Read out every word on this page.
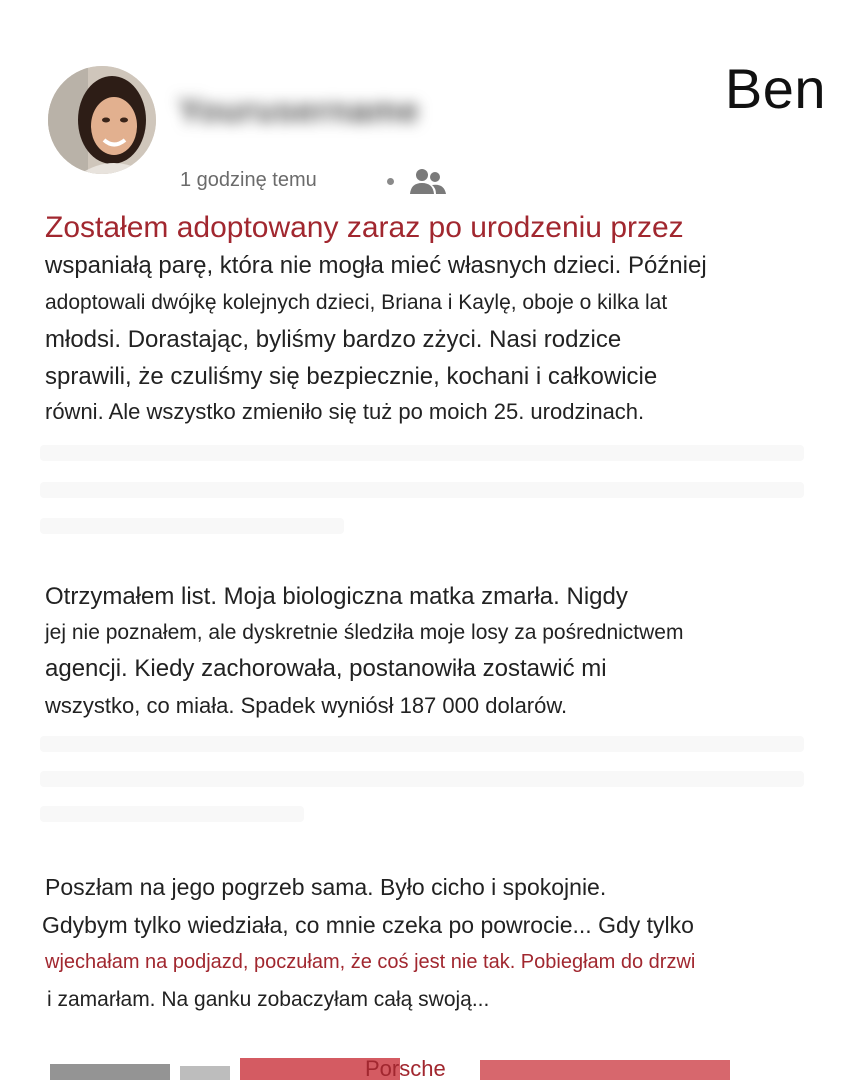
Yourusername	Ben
1 godzinę temu
Zostałem adoptowany zaraz po urodzeniu przez
wspaniałą parę, która nie mogła mieć własnych dzieci. Później
adoptowali dwójkę kolejnych dzieci, Briana i Kaylę, oboje o kilka lat
młodsi. Dorastając, byliśmy bardzo zżyci. Nasi rodzice
sprawili, że czuliśmy się bezpiecznie, kochani i całkowicie
równi. Ale wszystko zmieniło się tuż po moich 25. urodzinach.
Otrzymałem list. Moja biologiczna matka zmarła. Nigdy
jej nie poznałem, ale dyskretnie śledziła moje losy za pośrednictwem
agencji. Kiedy zachorowała, postanowiła zostawić mi
wszystko, co miała. Spadek wyniósł 187 000 dolarów.
Poszłam na jego pogrzeb sama. Było cicho i spokojnie.
Gdybym tylko wiedziała, co mnie czeka po powrocie... Gdy tylko
wjechałam na podjazd, poczułam, że coś jest nie tak. Pobiegłam do drzwi
i zamarłam. Na ganku zobaczyłam całą swoją...
Porsche
